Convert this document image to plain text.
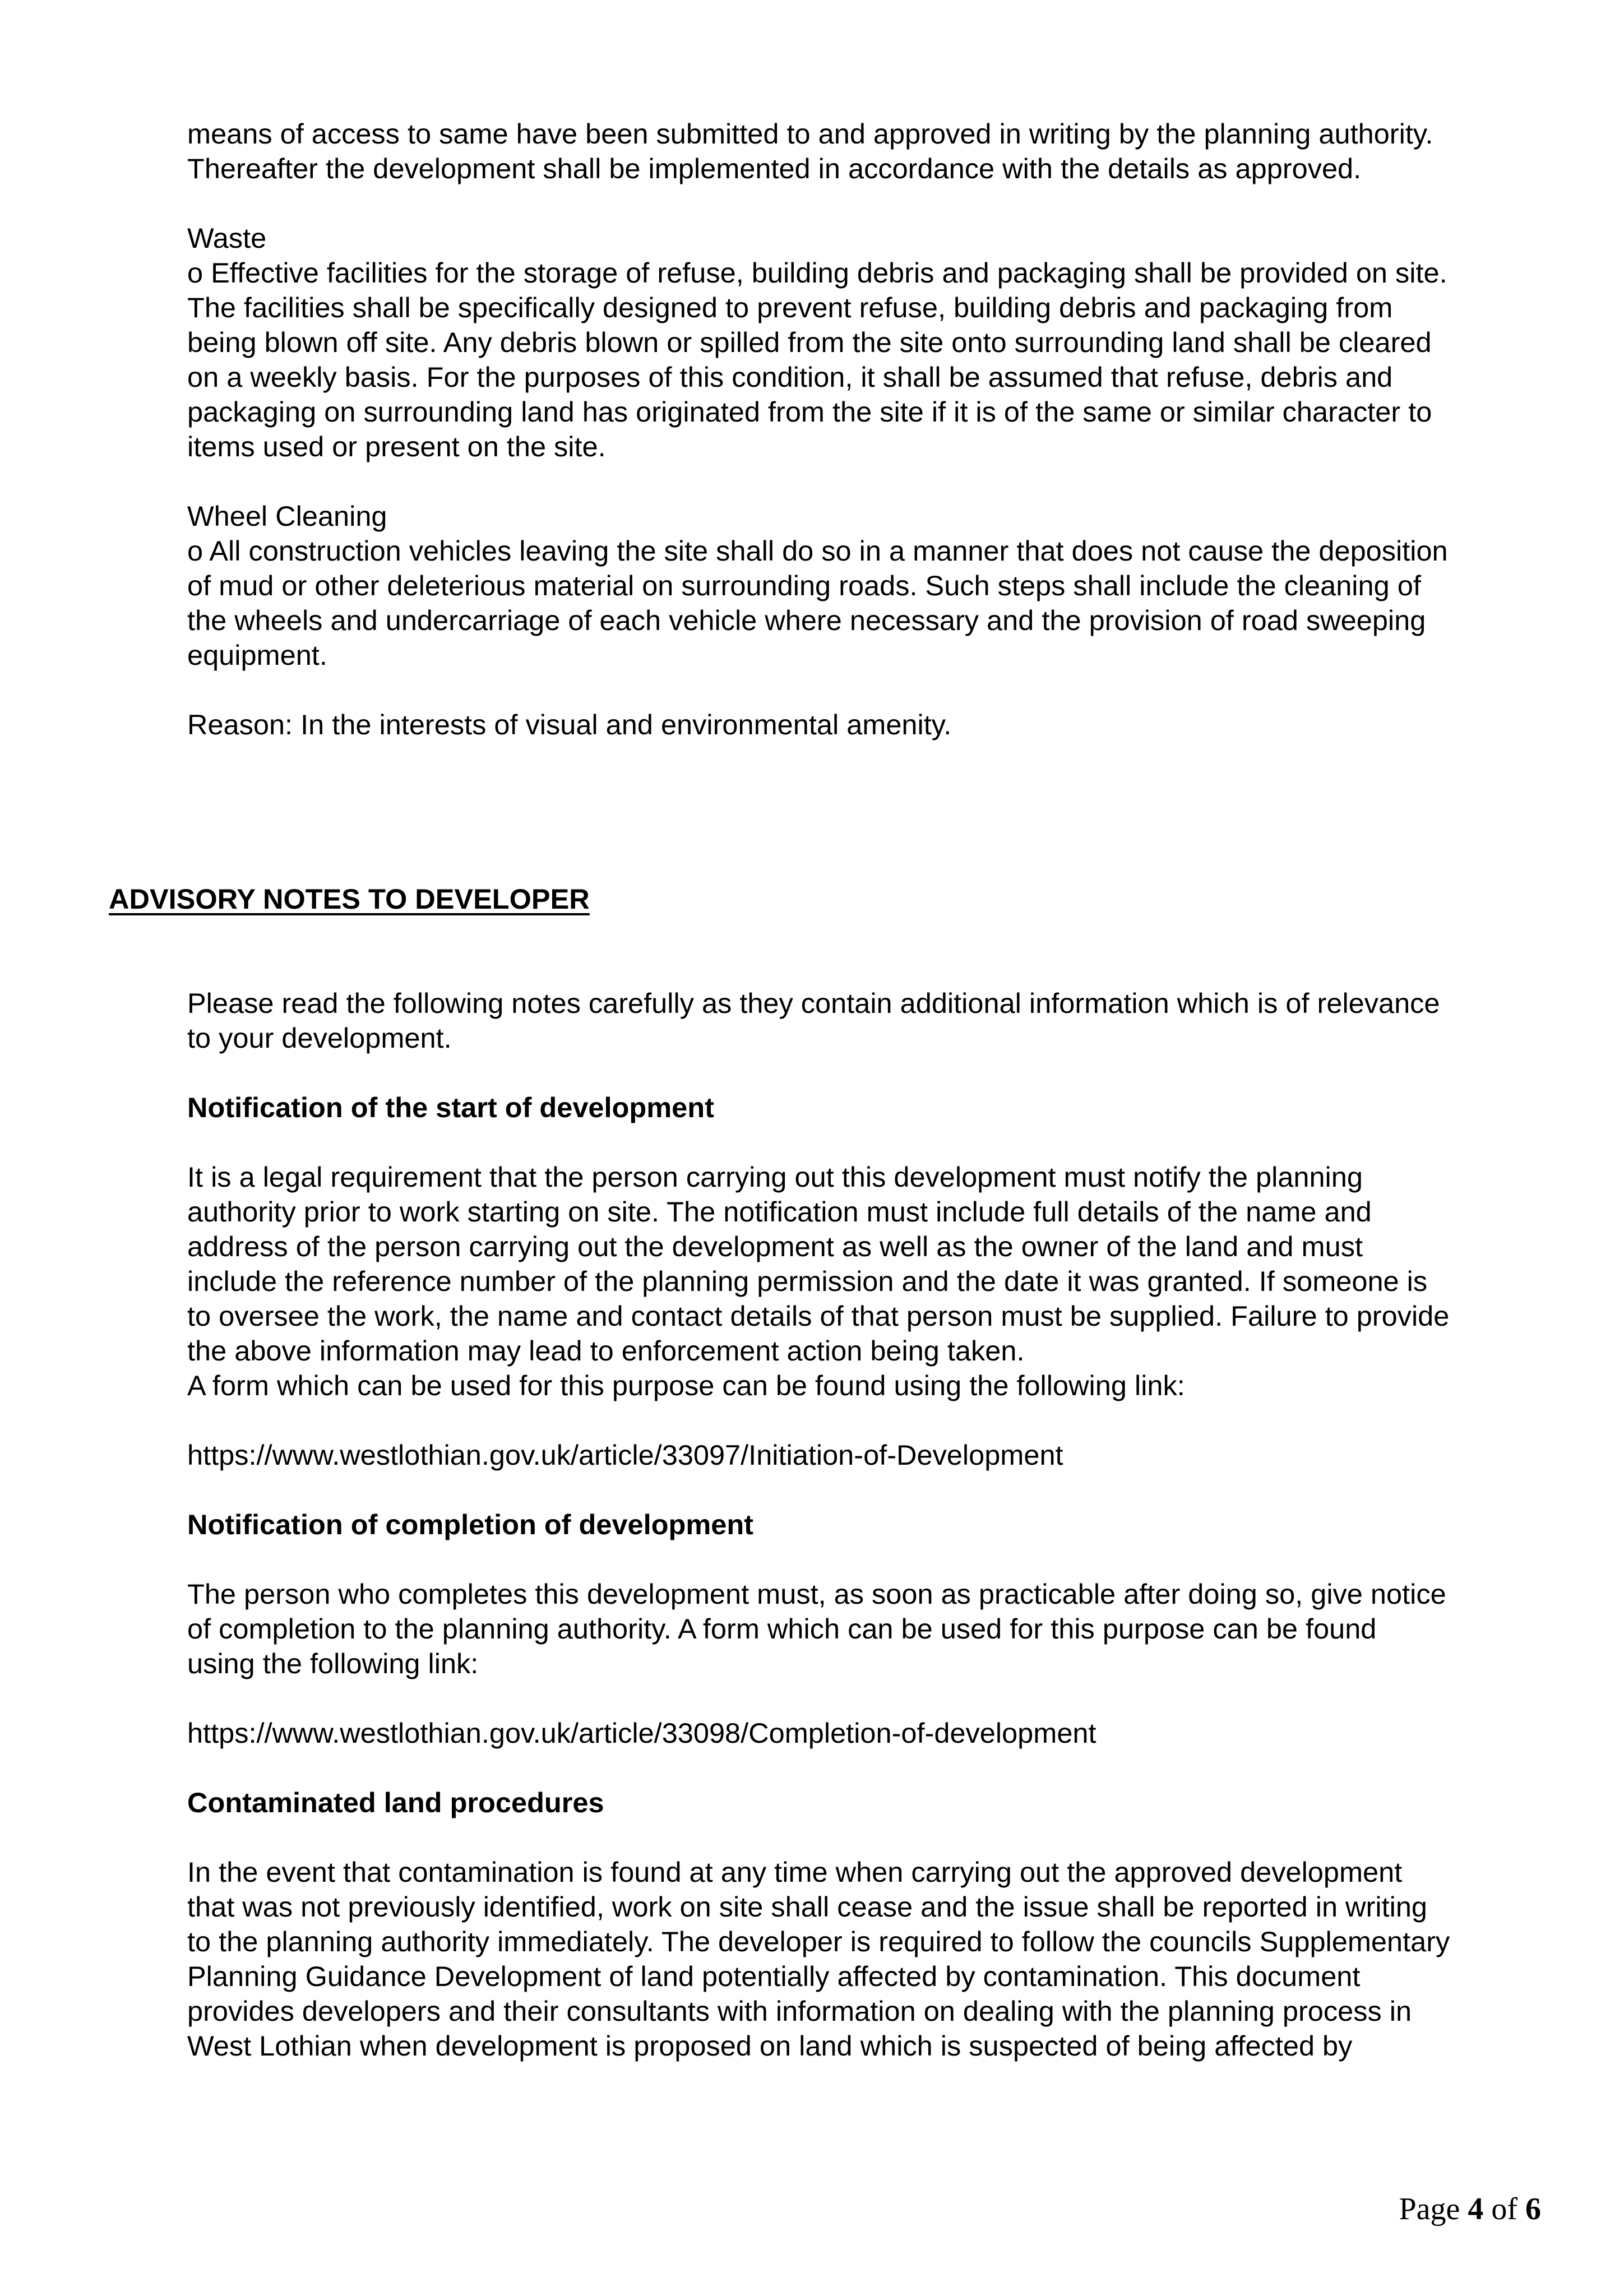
means of access to same have been submitted to and approved in writing by the planning authority.
Thereafter the development shall be implemented in accordance with the details as approved.
Waste
o Effective facilities for the storage of refuse, building debris and packaging shall be provided on site.
The facilities shall be specifically designed to prevent refuse, building debris and packaging from
being blown off site. Any debris blown or spilled from the site onto surrounding land shall be cleared
on a weekly basis. For the purposes of this condition, it shall be assumed that refuse, debris and
packaging on surrounding land has originated from the site if it is of the same or similar character to
items used or present on the site.
Wheel Cleaning
o All construction vehicles leaving the site shall do so in a manner that does not cause the deposition
of mud or other deleterious material on surrounding roads. Such steps shall include the cleaning of
the wheels and undercarriage of each vehicle where necessary and the provision of road sweeping
equipment.
Reason: In the interests of visual and environmental amenity.
ADVISORY NOTES TO DEVELOPER
Please read the following notes carefully as they contain additional information which is of relevance
to your development.
Notification of the start of development
It is a legal requirement that the person carrying out this development must notify the planning
authority prior to work starting on site. The notification must include full details of the name and
address of the person carrying out the development as well as the owner of the land and must
include the reference number of the planning permission and the date it was granted. If someone is
to oversee the work, the name and contact details of that person must be supplied. Failure to provide
the above information may lead to enforcement action being taken.
A form which can be used for this purpose can be found using the following link:
https://www.westlothian.gov.uk/article/33097/Initiation-of-Development
Notification of completion of development
The person who completes this development must, as soon as practicable after doing so, give notice
of completion to the planning authority. A form which can be used for this purpose can be found
using the following link:
https://www.westlothian.gov.uk/article/33098/Completion-of-development
Contaminated land procedures
In the event that contamination is found at any time when carrying out the approved development
that was not previously identified, work on site shall cease and the issue shall be reported in writing
to the planning authority immediately. The developer is required to follow the councils Supplementary
Planning Guidance Development of land potentially affected by contamination. This document
provides developers and their consultants with information on dealing with the planning process in
West Lothian when development is proposed on land which is suspected of being affected by
Page 4 of 6
